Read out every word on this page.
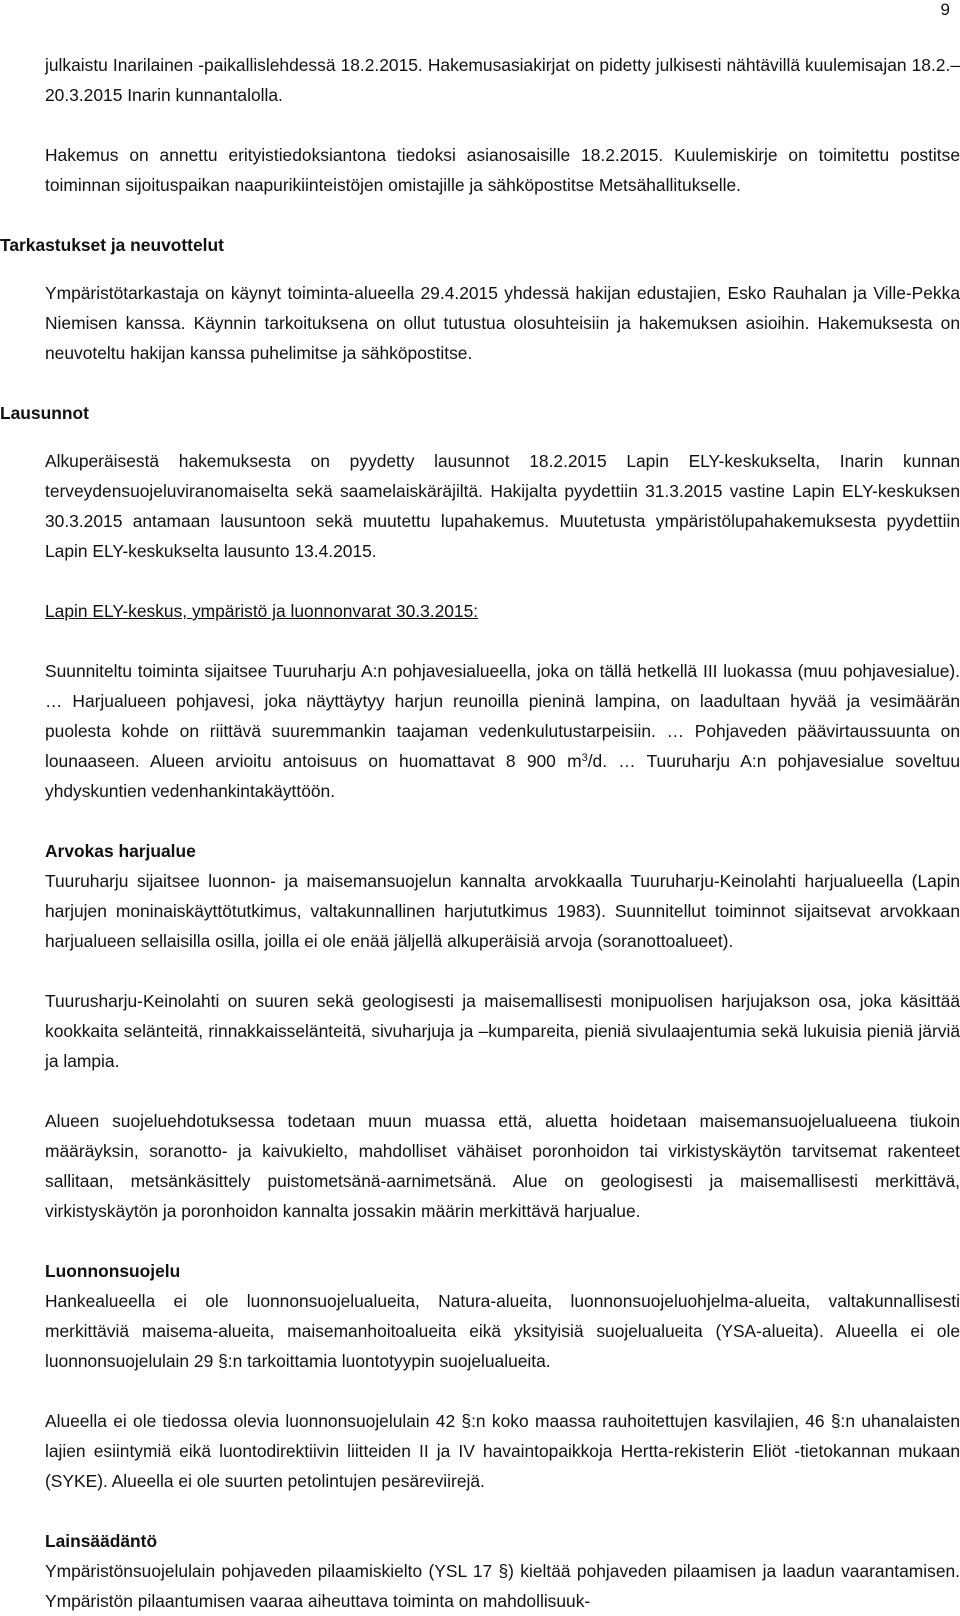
9
julkaistu Inarilainen -paikallislehdessä 18.2.2015. Hakemusasiakirjat on pidetty julkisesti nähtävillä kuulemisajan 18.2.–20.3.2015 Inarin kunnantalolla.
Hakemus on annettu erityistiedoksiantona tiedoksi asianosaisille 18.2.2015. Kuulemiskirje on toimitettu postitse toiminnan sijoituspaikan naapurikiinteistöjen omistajille ja sähköpostitse Metsähallitukselle.
Tarkastukset ja neuvottelut
Ympäristötarkastaja on käynyt toiminta-alueella 29.4.2015 yhdessä hakijan edustajien, Esko Rauhalan ja Ville-Pekka Niemisen kanssa. Käynnin tarkoituksena on ollut tutustua olosuhteisiin ja hakemuksen asioihin. Hakemuksesta on neuvoteltu hakijan kanssa puhelimitse ja sähköpostitse.
Lausunnot
Alkuperäisestä hakemuksesta on pyydetty lausunnot 18.2.2015 Lapin ELY-keskukselta, Inarin kunnan terveydensuojeluviranomaiselta sekä saamelaiskäräjiltä. Hakijalta pyydettiin 31.3.2015 vastine Lapin ELY-keskuksen 30.3.2015 antamaan lausuntoon sekä muutettu lupahakemus. Muutetusta ympäristölupahakemuksesta pyydettiin Lapin ELY-keskukselta lausunto 13.4.2015.
Lapin ELY-keskus, ympäristö ja luonnonvarat 30.3.2015:
Suunniteltu toiminta sijaitsee Tuuruharju A:n pohjavesialueella, joka on tällä hetkellä III luokassa (muu pohjavesialue). … Harjualueen pohjavesi, joka näyttäytyy harjun reunoilla pieninä lampina, on laadultaan hyvää ja vesimäärän puolesta kohde on riittävä suuremmankin taajaman vedenkulutustarpeisiin. … Pohjaveden päävirtaussuunta on lounaaseen. Alueen arvioitu antoisuus on huomattavat 8 900 $m^3/d$. … Tuuruharju A:n pohjavesialue soveltuu yhdyskuntien vedenhankintakäyttöön.
Arvokas harjualue
Tuuruharju sijaitsee luonnon- ja maisemansuojelun kannalta arvokkaalla Tuuruharju-Keinolahti harjualueella (Lapin harjujen moninaiskäyttötutkimus, valtakunnallinen harjututkimus 1983). Suunnitellut toiminnot sijaitsevat arvokkaan harjualueen sellaisilla osilla, joilla ei ole enää jäljellä alkuperäisiä arvoja (soranottoalueet).
Tuurusharju-Keinolahti on suuren sekä geologisesti ja maisemallisesti monipuolisen harjujakson osa, joka käsittää kookkaita selänteitä, rinnakkaisselänteitä, sivuharjuja ja –kumpareita, pieniä sivulaajentumia sekä lukuisia pieniä järviä ja lampia.
Alueen suojeluehdotuksessa todetaan muun muassa että, aluetta hoidetaan maisemansuojelualueena tiukoin määräyksin, soranotto- ja kaivukielto, mahdolliset vähäiset poronhoidon tai virkistyskäytön tarvitsemat rakenteet sallitaan, metsänkäsittely puistometsänä-aarnimetsänä. Alue on geologisesti ja maisemallisesti merkittävä, virkistyskäytön ja poronhoidon kannalta jossakin määrin merkittävä harjualue.
Luonnonsuojelu
Hankealueella ei ole luonnonsuojelualueita, Natura-alueita, luonnonsuojeluohjelma-alueita, valtakunnallisesti merkittäviä maisema-alueita, maisemanhoitoalueita eikä yksityisiä suojelualueita (YSA-alueita). Alueella ei ole luonnonsuojelulain 29 §:n tarkoittamia luontotyypin suojelualueita.
Alueella ei ole tiedossa olevia luonnonsuojelulain 42 §:n koko maassa rauhoitettujen kasvilajien, 46 §:n uhanalaisten lajien esiintymiä eikä luontodirektiivin liitteiden II ja IV havaintopaikkoja Hertta-rekisterin Eliöt -tietokannan mukaan (SYKE). Alueella ei ole suurten petolintujen pesäreviirejä.
Lainsäädäntö
Ympäristönsuojelulain pohjaveden pilaamiskielto (YSL 17 §) kieltää pohjaveden pilaamisen ja laadun vaarantamisen. Ympäristön pilaantumisen vaaraa aiheuttava toiminta on mahdollisuuk-
